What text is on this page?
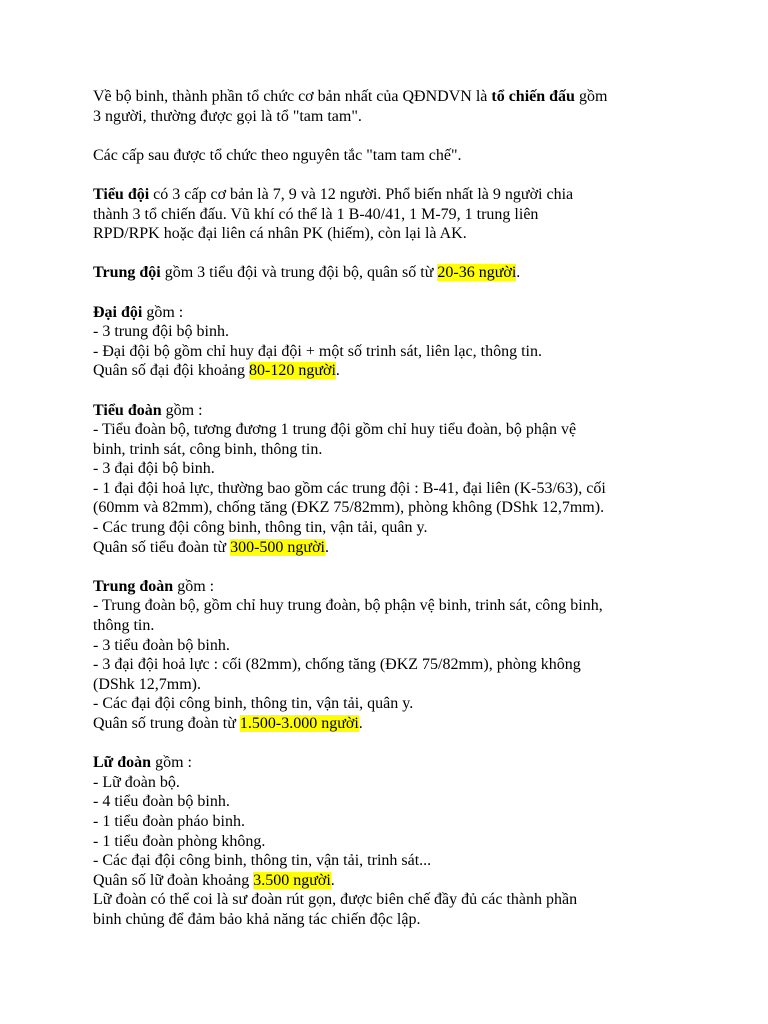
Về bộ binh, thành phần tổ chức cơ bản nhất của QĐNDVN là tổ chiến đấu gồm
3 người, thường được gọi là tổ "tam tam".
Các cấp sau được tổ chức theo nguyên tắc "tam tam chế".
Tiểu đội có 3 cấp cơ bản là 7, 9 và 12 người. Phổ biến nhất là 9 người chia
thành 3 tổ chiến đấu. Vũ khí có thể là 1 B-40/41, 1 M-79, 1 trung liên
RPD/RPK hoặc đại liên cá nhân PK (hiếm), còn lại là AK.
Trung đội gồm 3 tiểu đội và trung đội bộ, quân số từ 20-36 người.
Đại đội gồm :
- 3 trung đội bộ binh.
- Đại đội bộ gồm chỉ huy đại đội + một số trinh sát, liên lạc, thông tin.
Quân số đại đội khoảng 80-120 người.
Tiểu đoàn gồm :
- Tiểu đoàn bộ, tương đương 1 trung đội gồm chỉ huy tiểu đoàn, bộ phận vệ
binh, trinh sát, công binh, thông tin.
- 3 đại đội bộ binh.
- 1 đại đội hoả lực, thường bao gồm các trung đội : B-41, đại liên (K-53/63), cối
(60mm và 82mm), chống tăng (ĐKZ 75/82mm), phòng không (DShk 12,7mm).
- Các trung đội công binh, thông tin, vận tải, quân y.
Quân số tiểu đoàn từ 300-500 người.
Trung đoàn gồm :
- Trung đoàn bộ, gồm chỉ huy trung đoàn, bộ phận vệ binh, trinh sát, công binh,
thông tin.
- 3 tiểu đoàn bộ binh.
- 3 đại đội hoả lực : cối (82mm), chống tăng (ĐKZ 75/82mm), phòng không
(DShk 12,7mm).
- Các đại đội công binh, thông tin, vận tải, quân y.
Quân số trung đoàn từ 1.500-3.000 người.
Lữ đoàn gồm :
- Lữ đoàn bộ.
- 4 tiểu đoàn bộ binh.
- 1 tiểu đoàn pháo binh.
- 1 tiểu đoàn phòng không.
- Các đại đội công binh, thông tin, vận tải, trinh sát...
Quân số lữ đoàn khoảng 3.500 người.
Lữ đoàn có thể coi là sư đoàn rút gọn, được biên chế đầy đủ các thành phần
binh chủng để đảm bảo khả năng tác chiến độc lập.
